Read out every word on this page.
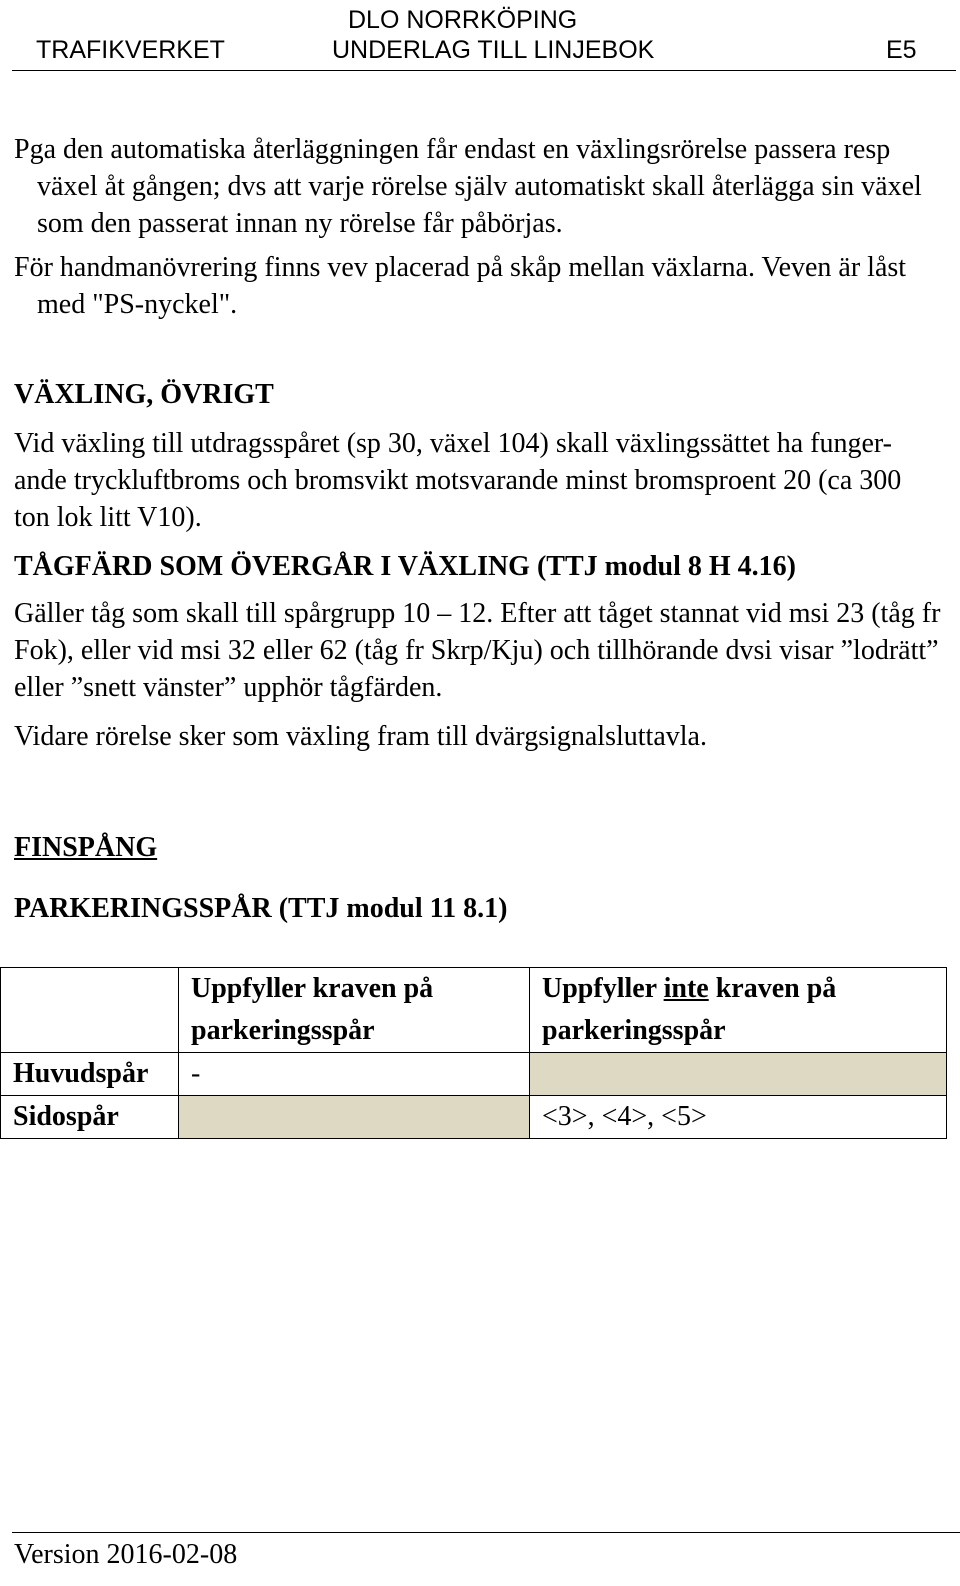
DLO NORRKÖPING
TRAFIKVERKET	UNDERLAG TILL LINJEBOK	E5

Pga den automatiska återläggningen får endast en växlingsrörelse passera resp växel åt gången; dvs att varje rörelse själv automatiskt skall återlägga sin växel som den passerat innan ny rörelse får påbörjas.

För handmanövrering finns vev placerad på skåp mellan växlarna. Veven är låst med "PS-nyckel".

VÄXLING, ÖVRIGT

Vid växling till utdragsspåret (sp 30, växel 104) skall växlingssättet ha funger-ande tryckluftbroms och bromsvikt motsvarande minst bromsproent 20 (ca 300 ton lok litt V10).

TÅGFÄRD SOM ÖVERGÅR I VÄXLING (TTJ modul 8 H 4.16)

Gäller tåg som skall till spårgrupp 10 – 12. Efter att tåget stannat vid msi 23 (tåg fr Fok), eller vid msi 32 eller 62 (tåg fr Skrp/Kju) och tillhörande dvsi visar ”lodrätt” eller ”snett vänster” upphör tågfärden.

Vidare rörelse sker som växling fram till dvärgsignalsluttavla.

FINSPÅNG

PARKERINGSSPÅR (TTJ modul 11 8.1)

	Uppfyller kraven på parkeringsspår	Uppfyller inte kraven på parkeringsspår
Huvudspår	-	
Sidospår		<3>, <4>, <5>
Version 2016-02-08
